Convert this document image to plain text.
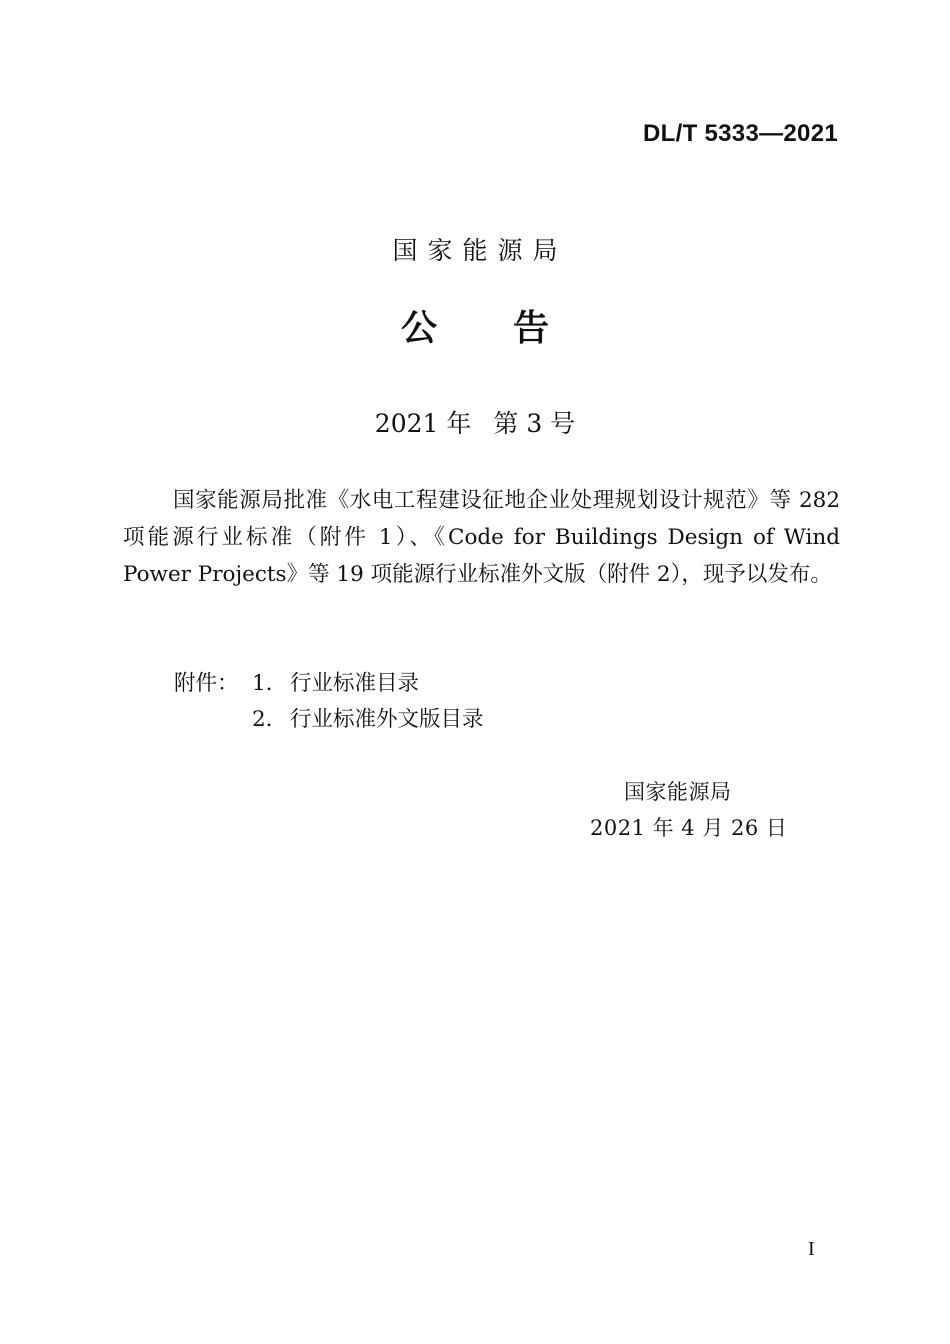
DL/T 5333—2021
国家能源局
公告
2021 年 第 3 号

国家能源局批准《水电工程建设征地企业处理规划设计规范》等 282 项能源行业标准（附件 1）、《Code for Buildings Design of Wind Power Projects》等 19 项能源行业标准外文版（附件 2），现予以发布。

附件： 1. 行业标准目录
2. 行业标准外文版目录
国家能源局
2021 年 4 月 26 日
I
